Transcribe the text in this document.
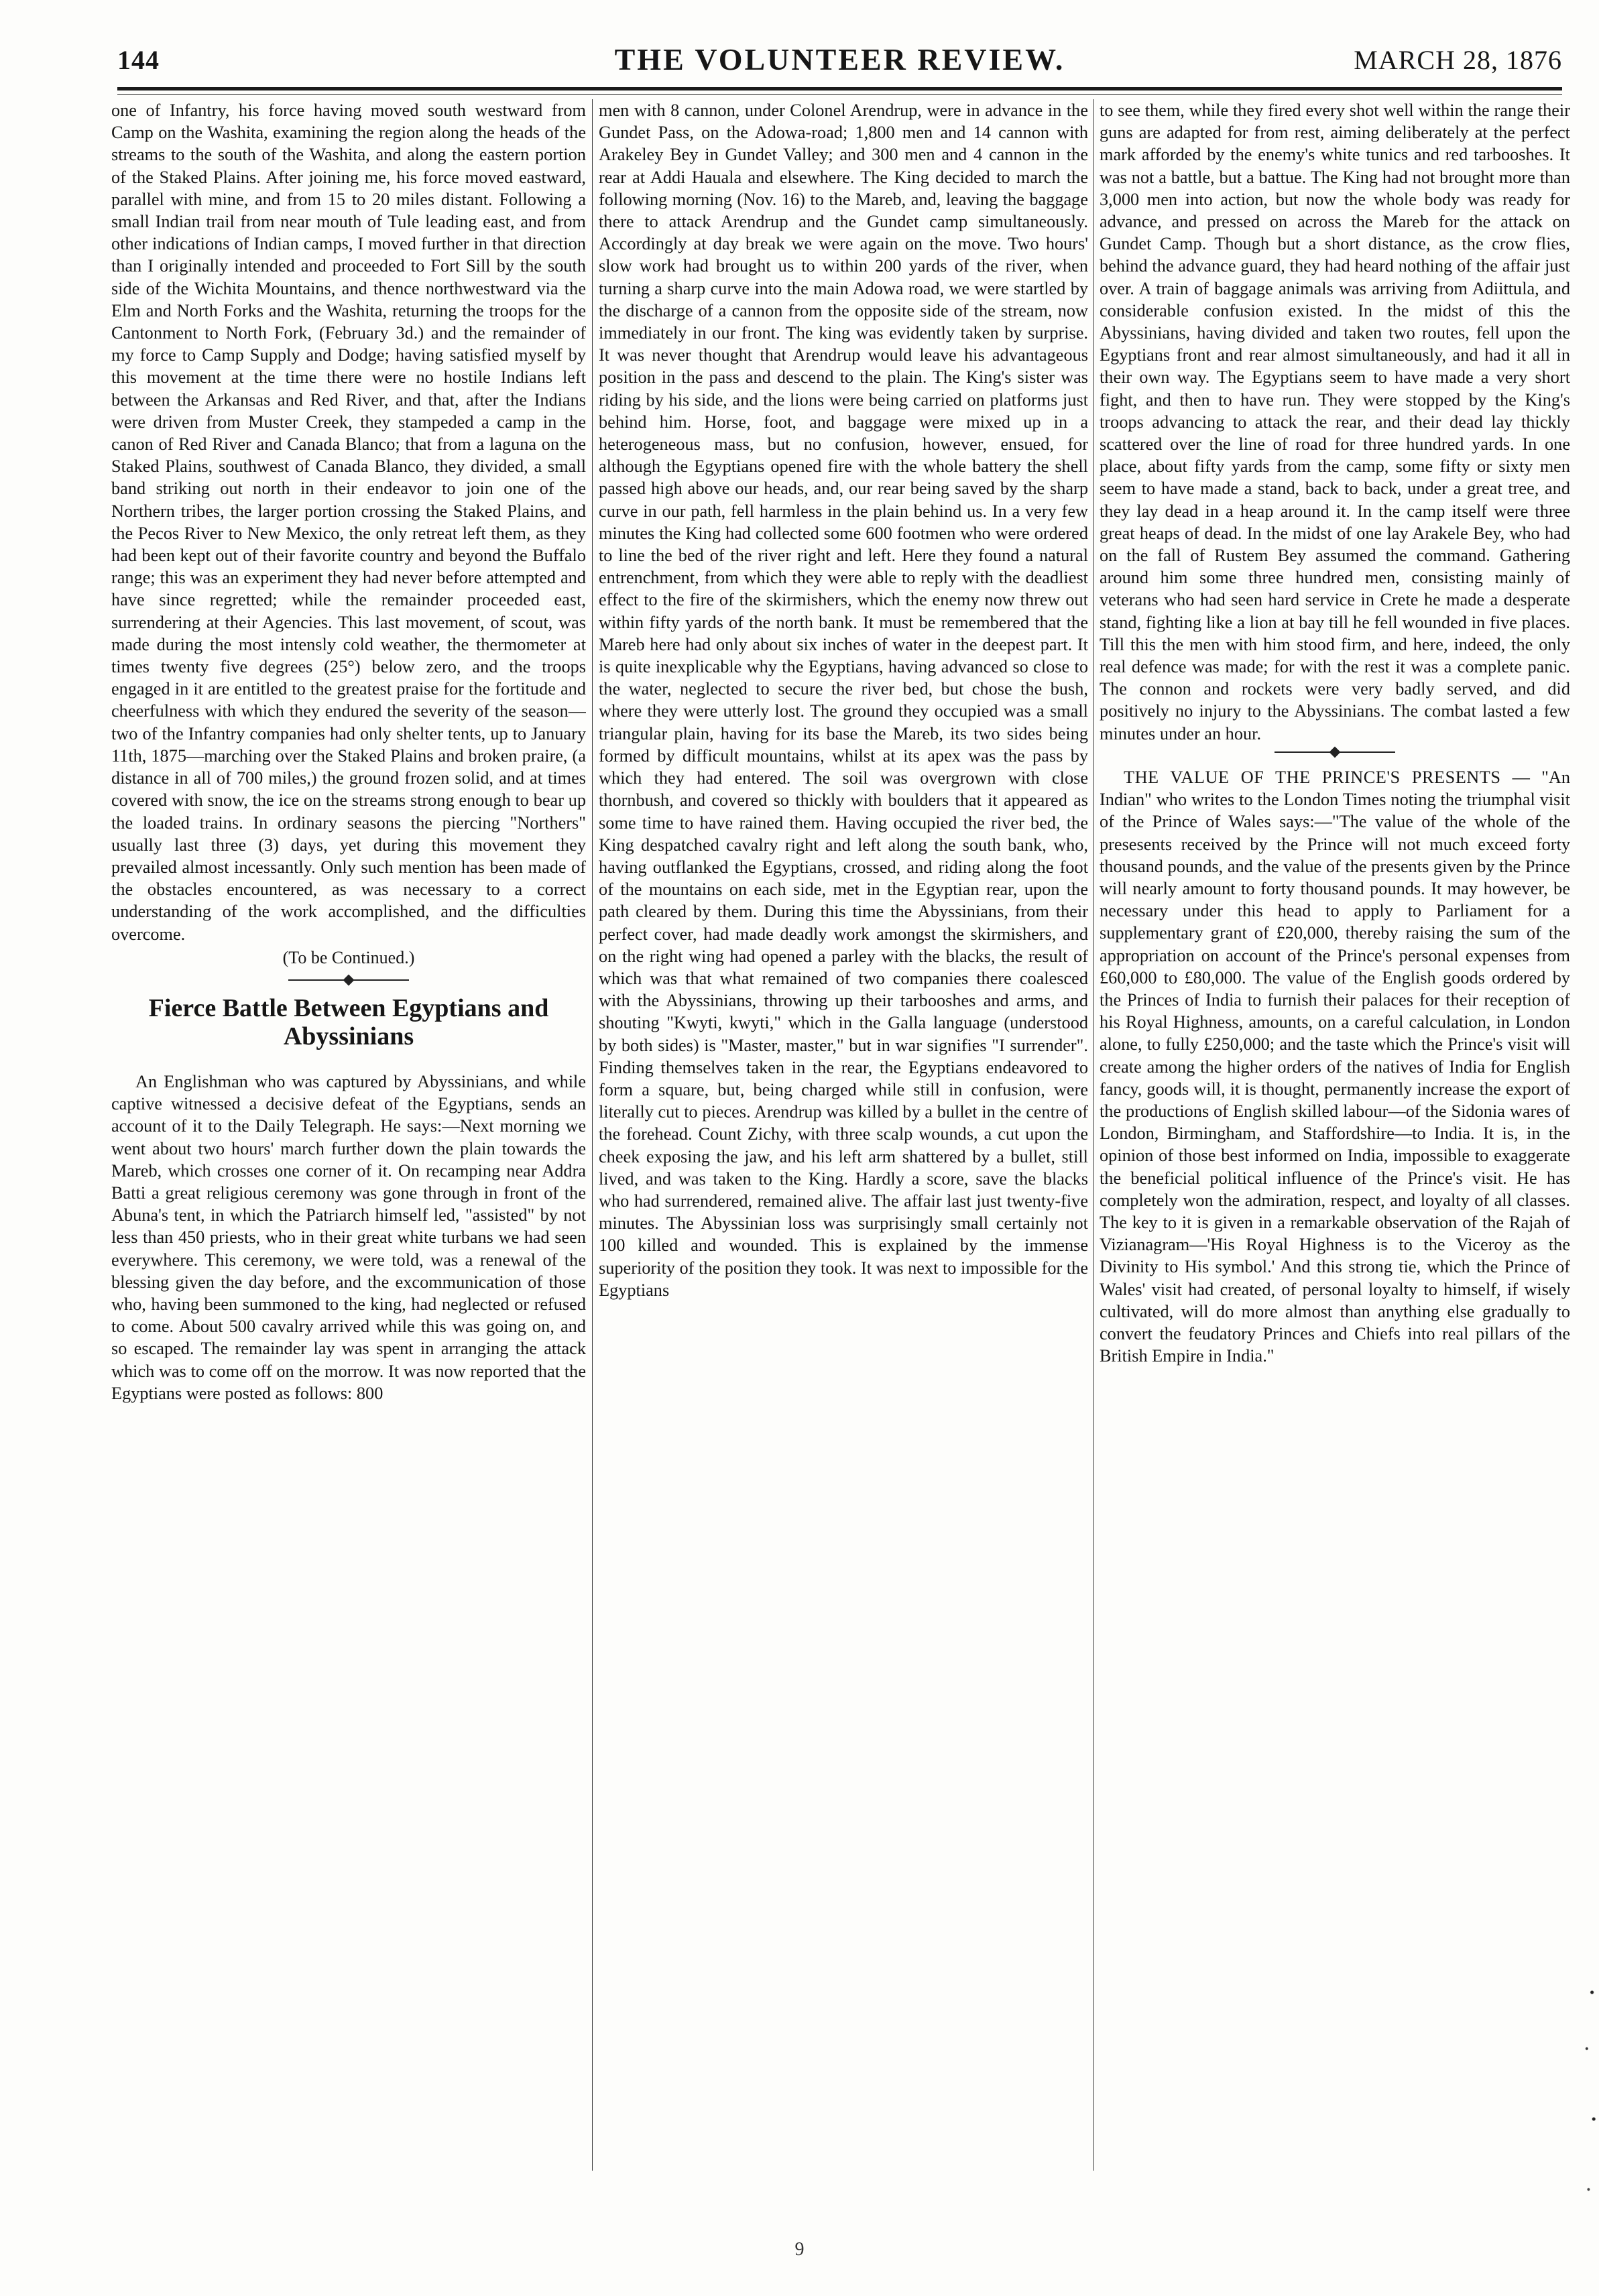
144	THE VOLUNTEER REVIEW.	MARCH 28, 1876

one of Infantry, his force having moved south westward from Camp on the Washita, examining the region along the heads of the streams to the south of the Washita, and along the eastern portion of the Staked Plains. After joining me, his force moved eastward, parallel with mine, and from 15 to 20 miles distant. Following a small Indian trail from near mouth of Tule leading east, and from other indications of Indian camps, I moved further in that direction than I originally intended and proceeded to Fort Sill by the south side of the Wichita Mountains, and thence northwestward via the Elm and North Forks and the Washita, returning the troops for the Cantonment to North Fork, (February 3d.) and the remainder of my force to Camp Supply and Dodge; having satisfied myself by this movement at the time there were no hostile Indians left between the Arkansas and Red River, and that, after the Indians were driven from Muster Creek, they stampeded a camp in the canon of Red River and Canada Blanco; that from a laguna on the Staked Plains, southwest of Canada Blanco, they divided, a small band striking out north in their endeavor to join one of the Northern tribes, the larger portion crossing the Staked Plains, and the Pecos River to New Mexico, the only retreat left them, as they had been kept out of their favorite country and beyond the Buffalo range; this was an experiment they had never before attempted and have since regretted; while the remainder proceeded east, surrendering at their Agencies. This last movement, of scout, was made during the most intensly cold weather, the thermometer at times twenty five degrees (25°) below zero, and the troops engaged in it are entitled to the greatest praise for the fortitude and cheerfulness with which they endured the severity of the season—two of the Infantry companies had only shelter tents, up to January 11th, 1875—marching over the Staked Plains and broken praire, (a distance in all of 700 miles,) the ground frozen solid, and at times covered with snow, the ice on the streams strong enough to bear up the loaded trains. In ordinary seasons the piercing "Northers" usually last three (3) days, yet during this movement they prevailed almost incessantly. Only such mention has been made of the obstacles encountered, as was necessary to a correct understanding of the work accomplished, and the difficulties overcome.

(To be Continued.)
Fierce Battle Between Egyptians and Abyssinians

An Englishman who was captured by Abyssinians, and while captive witnessed a decisive defeat of the Egyptians, sends an account of it to the Daily Telegraph. He says:—Next morning we went about two hours' march further down the plain towards the Mareb, which crosses one corner of it. On recamping near Addra Batti a great religious ceremony was gone through in front of the Abuna's tent, in which the Patriarch himself led, "assisted" by not less than 450 priests, who in their great white turbans we had seen everywhere. This ceremony, we were told, was a renewal of the blessing given the day before, and the excommunication of those who, having been summoned to the king, had neglected or refused to come. About 500 cavalry arrived while this was going on, and so escaped. The remainder lay was spent in arranging the attack which was to come off on the morrow. It was now reported that the Egyptians were posted as follows: 800

men with 8 cannon, under Colonel Arendrup, were in advance in the Gundet Pass, on the Adowa-road; 1,800 men and 14 cannon with Arakeley Bey in Gundet Valley; and 300 men and 4 cannon in the rear at Addi Hauala and elsewhere. The King decided to march the following morning (Nov. 16) to the Mareb, and, leaving the baggage there to attack Arendrup and the Gundet camp simultaneously. Accordingly at day break we were again on the move. Two hours' slow work had brought us to within 200 yards of the river, when turning a sharp curve into the main Adowa road, we were startled by the discharge of a cannon from the opposite side of the stream, now immediately in our front. The king was evidently taken by surprise. It was never thought that Arendrup would leave his advantageous position in the pass and descend to the plain. The King's sister was riding by his side, and the lions were being carried on platforms just behind him. Horse, foot, and baggage were mixed up in a heterogeneous mass, but no confusion, however, ensued, for although the Egyptians opened fire with the whole battery the shell passed high above our heads, and, our rear being saved by the sharp curve in our path, fell harmless in the plain behind us. In a very few minutes the King had collected some 600 footmen who were ordered to line the bed of the river right and left. Here they found a natural entrenchment, from which they were able to reply with the deadliest effect to the fire of the skirmishers, which the enemy now threw out within fifty yards of the north bank. It must be remembered that the Mareb here had only about six inches of water in the deepest part. It is quite inexplicable why the Egyptians, having advanced so close to the water, neglected to secure the river bed, but chose the bush, where they were utterly lost. The ground they occupied was a small triangular plain, having for its base the Mareb, its two sides being formed by difficult mountains, whilst at its apex was the pass by which they had entered. The soil was overgrown with close thornbush, and covered so thickly with boulders that it appeared as some time to have rained them. Having occupied the river bed, the King despatched cavalry right and left along the south bank, who, having outflanked the Egyptians, crossed, and riding along the foot of the mountains on each side, met in the Egyptian rear, upon the path cleared by them. During this time the Abyssinians, from their perfect cover, had made deadly work amongst the skirmishers, and on the right wing had opened a parley with the blacks, the result of which was that what remained of two companies there coalesced with the Abyssinians, throwing up their tarbooshes and arms, and shouting "Kwyti, kwyti," which in the Galla language (understood by both sides) is "Master, master," but in war signifies "I surrender". Finding themselves taken in the rear, the Egyptians endeavored to form a square, but, being charged while still in confusion, were literally cut to pieces. Arendrup was killed by a bullet in the centre of the forehead. Count Zichy, with three scalp wounds, a cut upon the cheek exposing the jaw, and his left arm shattered by a bullet, still lived, and was taken to the King. Hardly a score, save the blacks who had surrendered, remained alive. The affair last just twenty-five minutes. The Abyssinian loss was surprisingly small certainly not 100 killed and wounded. This is explained by the immense superiority of the position they took. It was next to impossible for the Egyptians

to see them, while they fired every shot well within the range their guns are adapted for from rest, aiming deliberately at the perfect mark afforded by the enemy's white tunics and red tarbooshes. It was not a battle, but a battue. The King had not brought more than 3,000 men into action, but now the whole body was ready for advance, and pressed on across the Mareb for the attack on Gundet Camp. Though but a short distance, as the crow flies, behind the advance guard, they had heard nothing of the affair just over. A train of baggage animals was arriving from Adiittula, and considerable confusion existed. In the midst of this the Abyssinians, having divided and taken two routes, fell upon the Egyptians front and rear almost simultaneously, and had it all in their own way. The Egyptians seem to have made a very short fight, and then to have run. They were stopped by the King's troops advancing to attack the rear, and their dead lay thickly scattered over the line of road for three hundred yards. In one place, about fifty yards from the camp, some fifty or sixty men seem to have made a stand, back to back, under a great tree, and they lay dead in a heap around it. In the camp itself were three great heaps of dead. In the midst of one lay Arakele Bey, who had on the fall of Rustem Bey assumed the command. Gathering around him some three hundred men, consisting mainly of veterans who had seen hard service in Crete he made a desperate stand, fighting like a lion at bay till he fell wounded in five places. Till this the men with him stood firm, and here, indeed, the only real defence was made; for with the rest it was a complete panic. The connon and rockets were very badly served, and did positively no injury to the Abyssinians. The combat lasted a few minutes under an hour.

THE VALUE OF THE PRINCE'S PRESENTS — "An Indian" who writes to the London Times noting the triumphal visit of the Prince of Wales says:—"The value of the whole of the presesents received by the Prince will not much exceed forty thousand pounds, and the value of the presents given by the Prince will nearly amount to forty thousand pounds. It may however, be necessary under this head to apply to Parliament for a supplementary grant of £20,000, thereby raising the sum of the appropriation on account of the Prince's personal expenses from £60,000 to £80,000. The value of the English goods ordered by the Princes of India to furnish their palaces for their reception of his Royal Highness, amounts, on a careful calculation, in London alone, to fully £250,000; and the taste which the Prince's visit will create among the higher orders of the natives of India for English fancy, goods will, it is thought, permanently increase the export of the productions of English skilled labour—of the Sidonia wares of London, Birmingham, and Staffordshire—to India. It is, in the opinion of those best informed on India, impossible to exaggerate the beneficial political influence of the Prince's visit. He has completely won the admiration, respect, and loyalty of all classes. The key to it is given in a remarkable observation of the Rajah of Vizianagram—'His Royal Highness is to the Viceroy as the Divinity to His symbol.' And this strong tie, which the Prince of Wales' visit had created, of personal loyalty to himself, if wisely cultivated, will do more almost than anything else gradually to convert the feudatory Princes and Chiefs into real pillars of the British Empire in India."

9
